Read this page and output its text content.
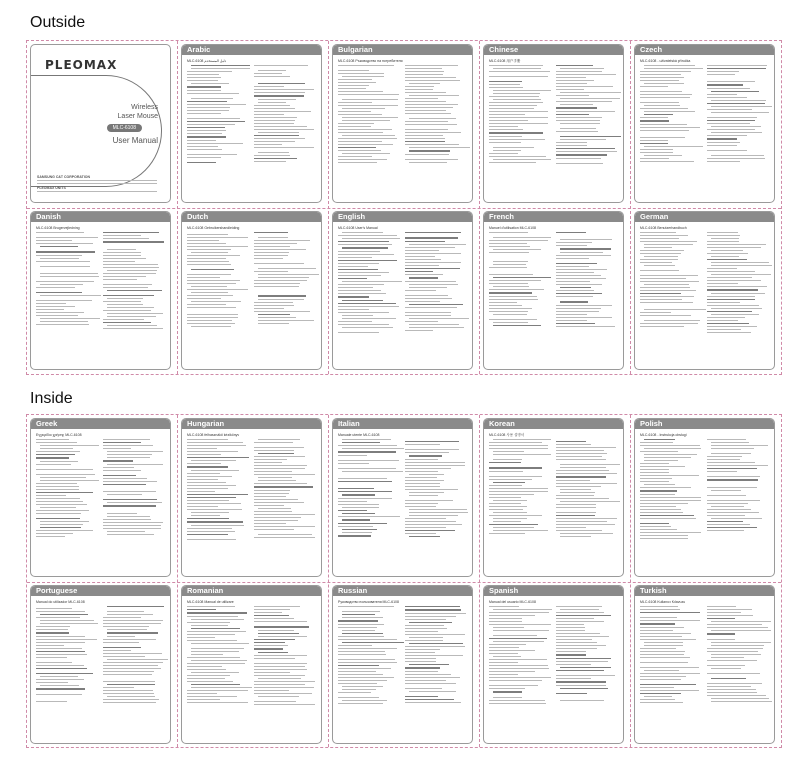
Outside
Inside
PLEOMAX
Wireless
Laser Mouse
MLC-6108
User Manual
SAMSUNG C&T CORPORATION
PLEOMAX UNITS
Arabic
MLC-6108 دليل المستخدم
Bulgarian
MLC-6108 Ръководство на потребителя
Chinese
MLC-6108 用户手册
Czech
MLC-6108 - uživatelská příručka
Danish
MLC-6108 Brugervejledning
Dutch
MLC-6108 Gebruikershandleiding
English
MLC-6108 User's Manual
French
Manuel d'utilisation MLC-6108
German
MLC-6108 Benutzerhandbuch
Greek
Εγχειρίδιο χρήσης MLC-6108
Hungarian
MLC-6108 felhasználói kézikönyv
Italian
Manuale utente MLC-6108
Korean
MLC-6108 사용 설명서
Polish
MLC-6108 - Instrukcja obsługi
Portuguese
Manual do utilizador MLC-6108
Romanian
MLC-6108 Manual de utilizare
Russian
Руководство пользователя MLC-6108
Spanish
Manual del usuario MLC-6108
Turkish
MLC-6108 Kullanıcı Kılavuzu
